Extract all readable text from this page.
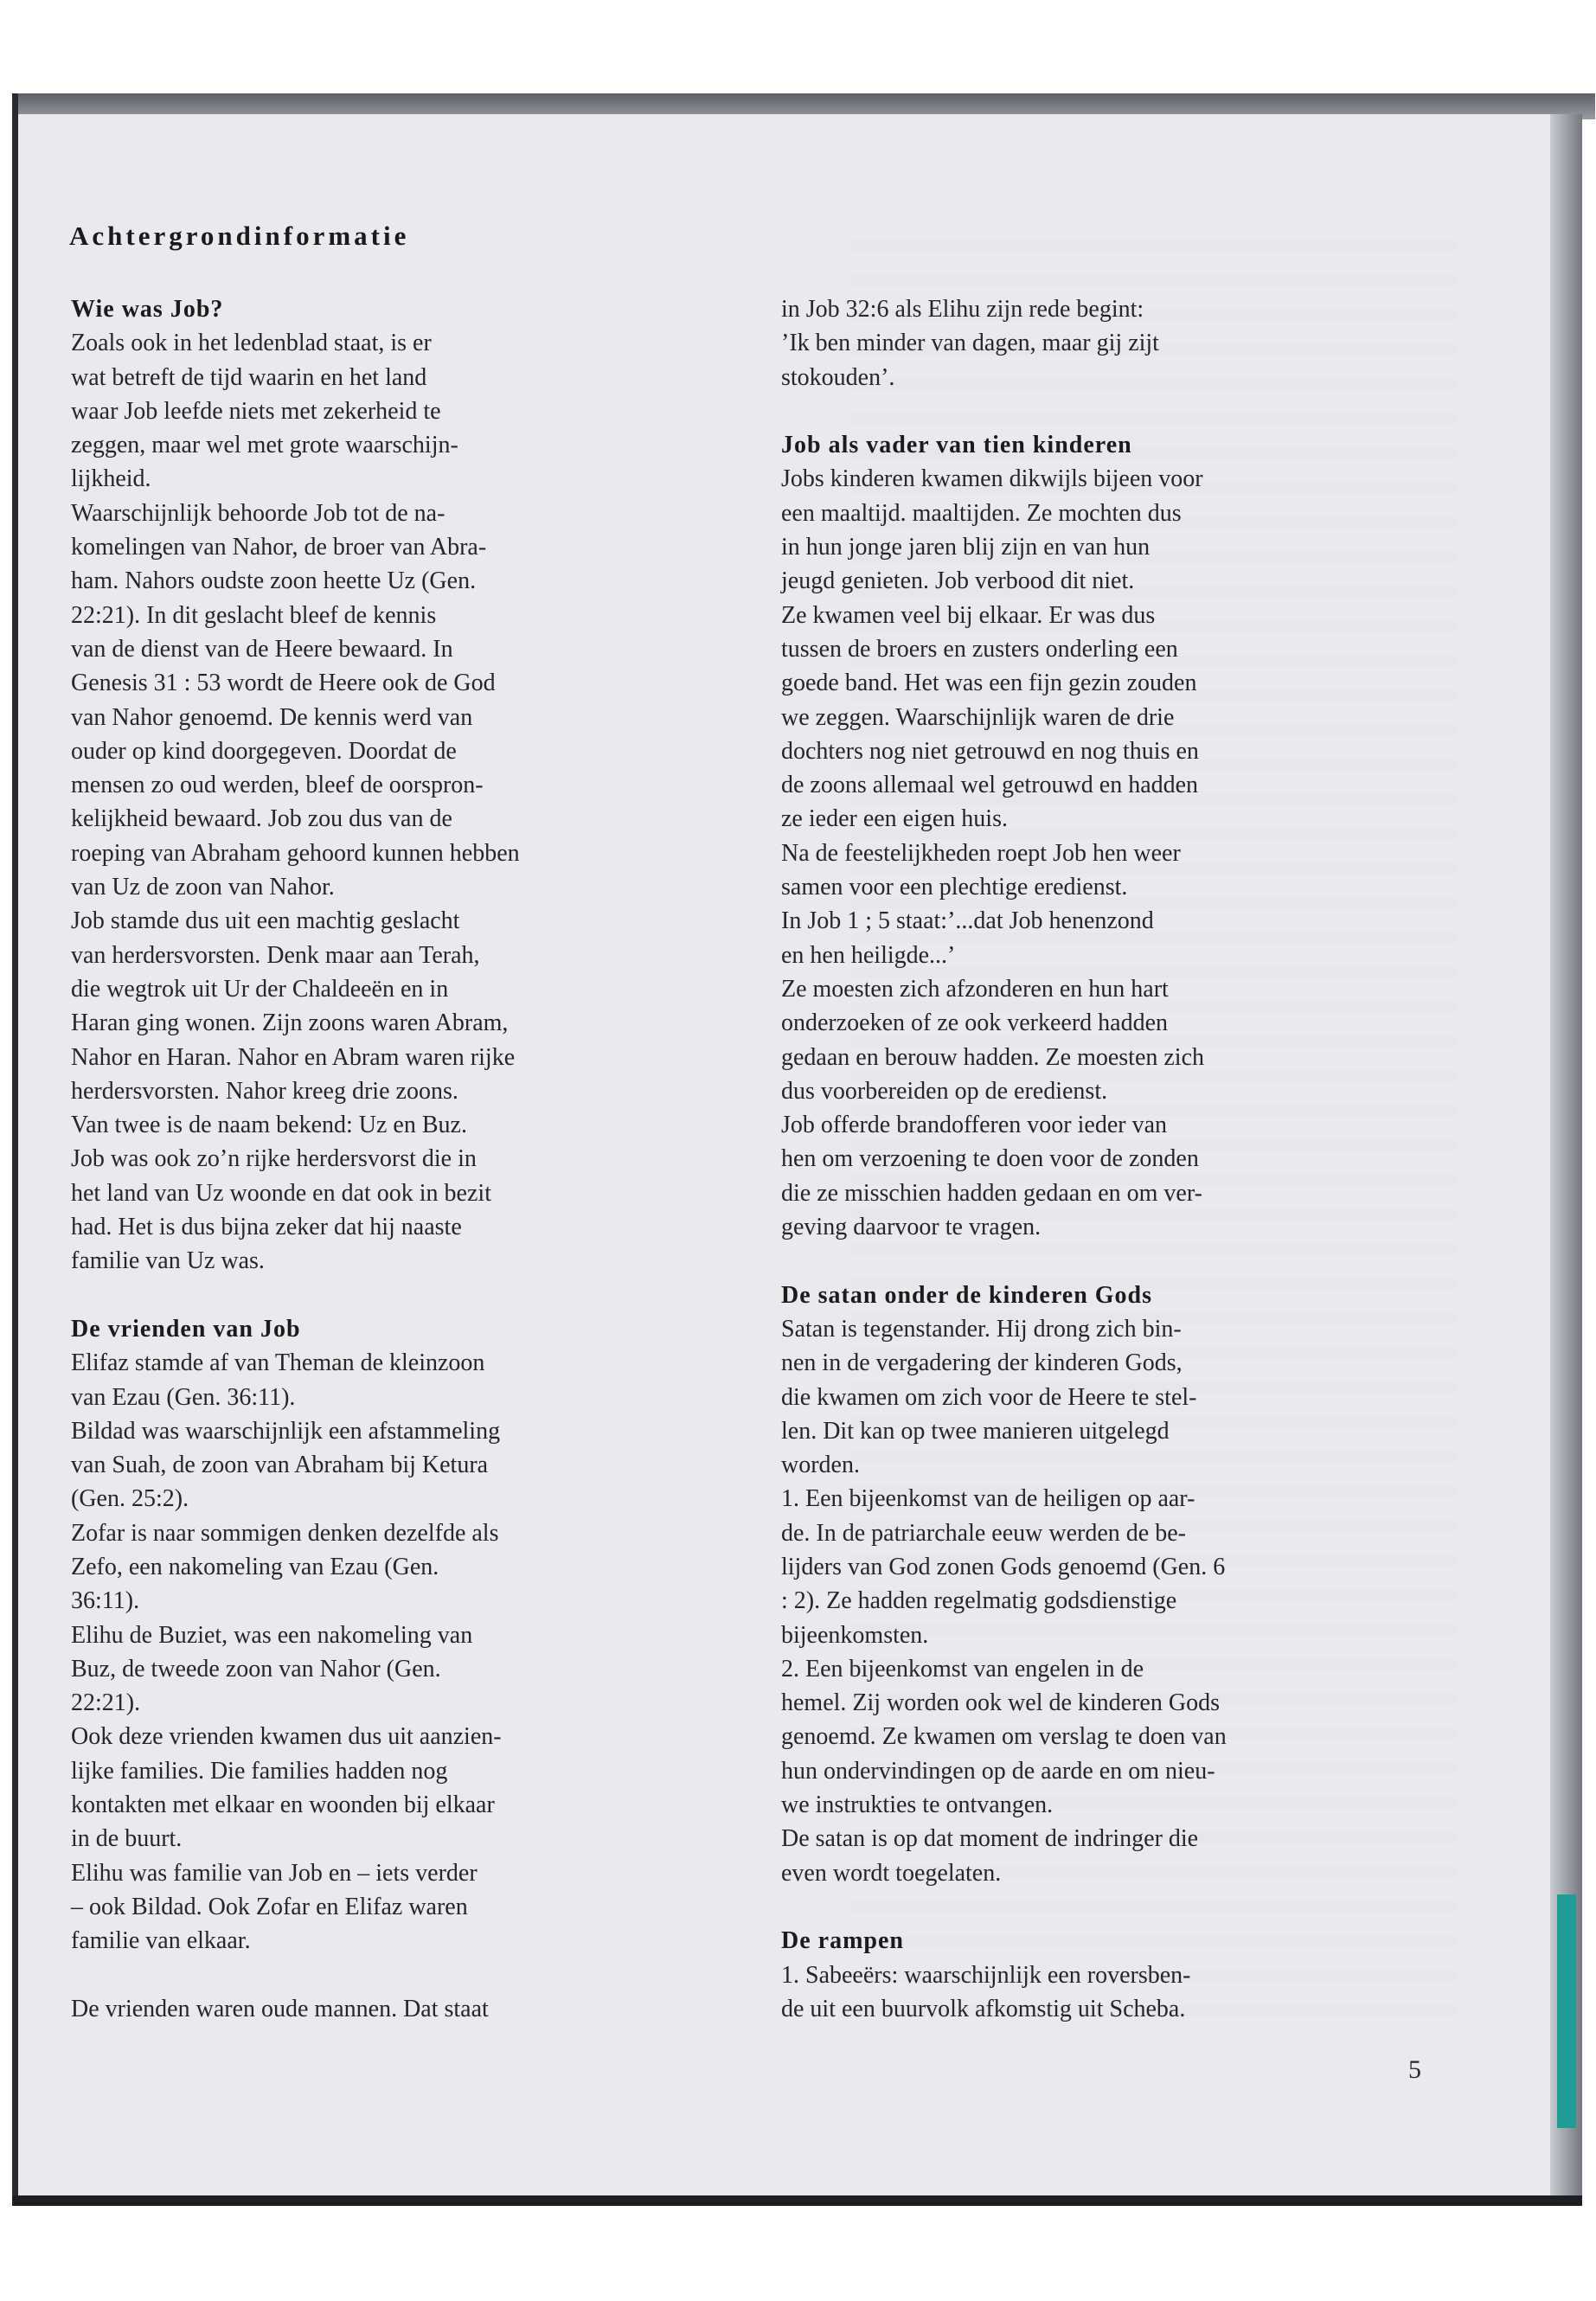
Achtergrondinformatie
Wie was Job?
Zoals ook in het ledenblad staat, is er
wat betreft de tijd waarin en het land
waar Job leefde niets met zekerheid te
zeggen, maar wel met grote waarschijn-
lijkheid.
Waarschijnlijk behoorde Job tot de na-
komelingen van Nahor, de broer van Abra-
ham. Nahors oudste zoon heette Uz (Gen.
22:21). In dit geslacht bleef de kennis
van de dienst van de Heere bewaard. In
Genesis 31 : 53 wordt de Heere ook de God
van Nahor genoemd. De kennis werd van
ouder op kind doorgegeven. Doordat de
mensen zo oud werden, bleef de oorspron-
kelijkheid bewaard. Job zou dus van de
roeping van Abraham gehoord kunnen hebben
van Uz de zoon van Nahor.
Job stamde dus uit een machtig geslacht
van herdersvorsten. Denk maar aan Terah,
die wegtrok uit Ur der Chaldeeën en in
Haran ging wonen. Zijn zoons waren Abram,
Nahor en Haran. Nahor en Abram waren rijke
herdersvorsten. Nahor kreeg drie zoons.
Van twee is de naam bekend: Uz en Buz.
Job was ook zo’n rijke herdersvorst die in
het land van Uz woonde en dat ook in bezit
had. Het is dus bijna zeker dat hij naaste
familie van Uz was.
De vrienden van Job
Elifaz stamde af van Theman de kleinzoon
van Ezau (Gen. 36:11).
Bildad was waarschijnlijk een afstammeling
van Suah, de zoon van Abraham bij Ketura
(Gen. 25:2).
Zofar is naar sommigen denken dezelfde als
Zefo, een nakomeling van Ezau (Gen.
36:11).
Elihu de Buziet, was een nakomeling van
Buz, de tweede zoon van Nahor (Gen.
22:21).
Ook deze vrienden kwamen dus uit aanzien-
lijke families. Die families hadden nog
kontakten met elkaar en woonden bij elkaar
in de buurt.
Elihu was familie van Job en – iets verder
– ook Bildad. Ook Zofar en Elifaz waren
familie van elkaar.
De vrienden waren oude mannen. Dat staat
in Job 32:6 als Elihu zijn rede begint:
’Ik ben minder van dagen, maar gij zijt
stokouden’.
Job als vader van tien kinderen
Jobs kinderen kwamen dikwijls bijeen voor
een maaltijd. maaltijden. Ze mochten dus
in hun jonge jaren blij zijn en van hun
jeugd genieten. Job verbood dit niet.
Ze kwamen veel bij elkaar. Er was dus
tussen de broers en zusters onderling een
goede band. Het was een fijn gezin zouden
we zeggen. Waarschijnlijk waren de drie
dochters nog niet getrouwd en nog thuis en
de zoons allemaal wel getrouwd en hadden
ze ieder een eigen huis.
Na de feestelijkheden roept Job hen weer
samen voor een plechtige eredienst.
In Job 1 ; 5 staat:’...dat Job henenzond
en hen heiligde...’
Ze moesten zich afzonderen en hun hart
onderzoeken of ze ook verkeerd hadden
gedaan en berouw hadden. Ze moesten zich
dus voorbereiden op de eredienst.
Job offerde brandofferen voor ieder van
hen om verzoening te doen voor de zonden
die ze misschien hadden gedaan en om ver-
geving daarvoor te vragen.
De satan onder de kinderen Gods
Satan is tegenstander. Hij drong zich bin-
nen in de vergadering der kinderen Gods,
die kwamen om zich voor de Heere te stel-
len. Dit kan op twee manieren uitgelegd
worden.
1. Een bijeenkomst van de heiligen op aar-
de. In de patriarchale eeuw werden de be-
lijders van God zonen Gods genoemd (Gen. 6
: 2). Ze hadden regelmatig godsdienstige
bijeenkomsten.
2. Een bijeenkomst van engelen in de
hemel. Zij worden ook wel de kinderen Gods
genoemd. Ze kwamen om verslag te doen van
hun ondervindingen op de aarde en om nieu-
we instrukties te ontvangen.
De satan is op dat moment de indringer die
even wordt toegelaten.
De rampen
1. Sabeeërs: waarschijnlijk een roversben-
de uit een buurvolk afkomstig uit Scheba.
5
